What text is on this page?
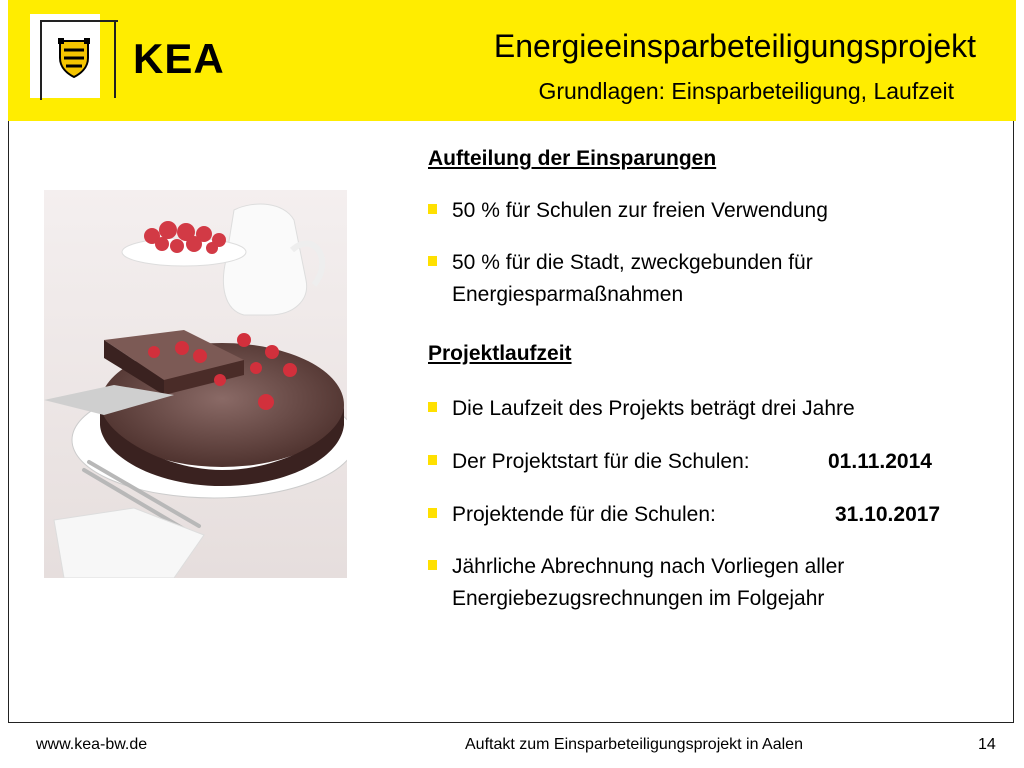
KEA	Energieeinsparbeteiligungsprojekt
Grundlagen: Einsparbeteiligung, Laufzeit
Aufteilung der Einsparungen
50 % für Schulen zur freien Verwendung
50 % für die Stadt, zweckgebunden für
Energiesparmaßnahmen
Projektlaufzeit
Die Laufzeit des Projekts beträgt drei Jahre
Der Projektstart für die Schulen:	01.11.2014
Projektende für die Schulen:	31.10.2017
Jährliche Abrechnung nach Vorliegen aller
Energiebezugsrechnungen im Folgejahr
www.kea-bw.de	Auftakt zum Einsparbeteiligungsprojekt in Aalen	14
